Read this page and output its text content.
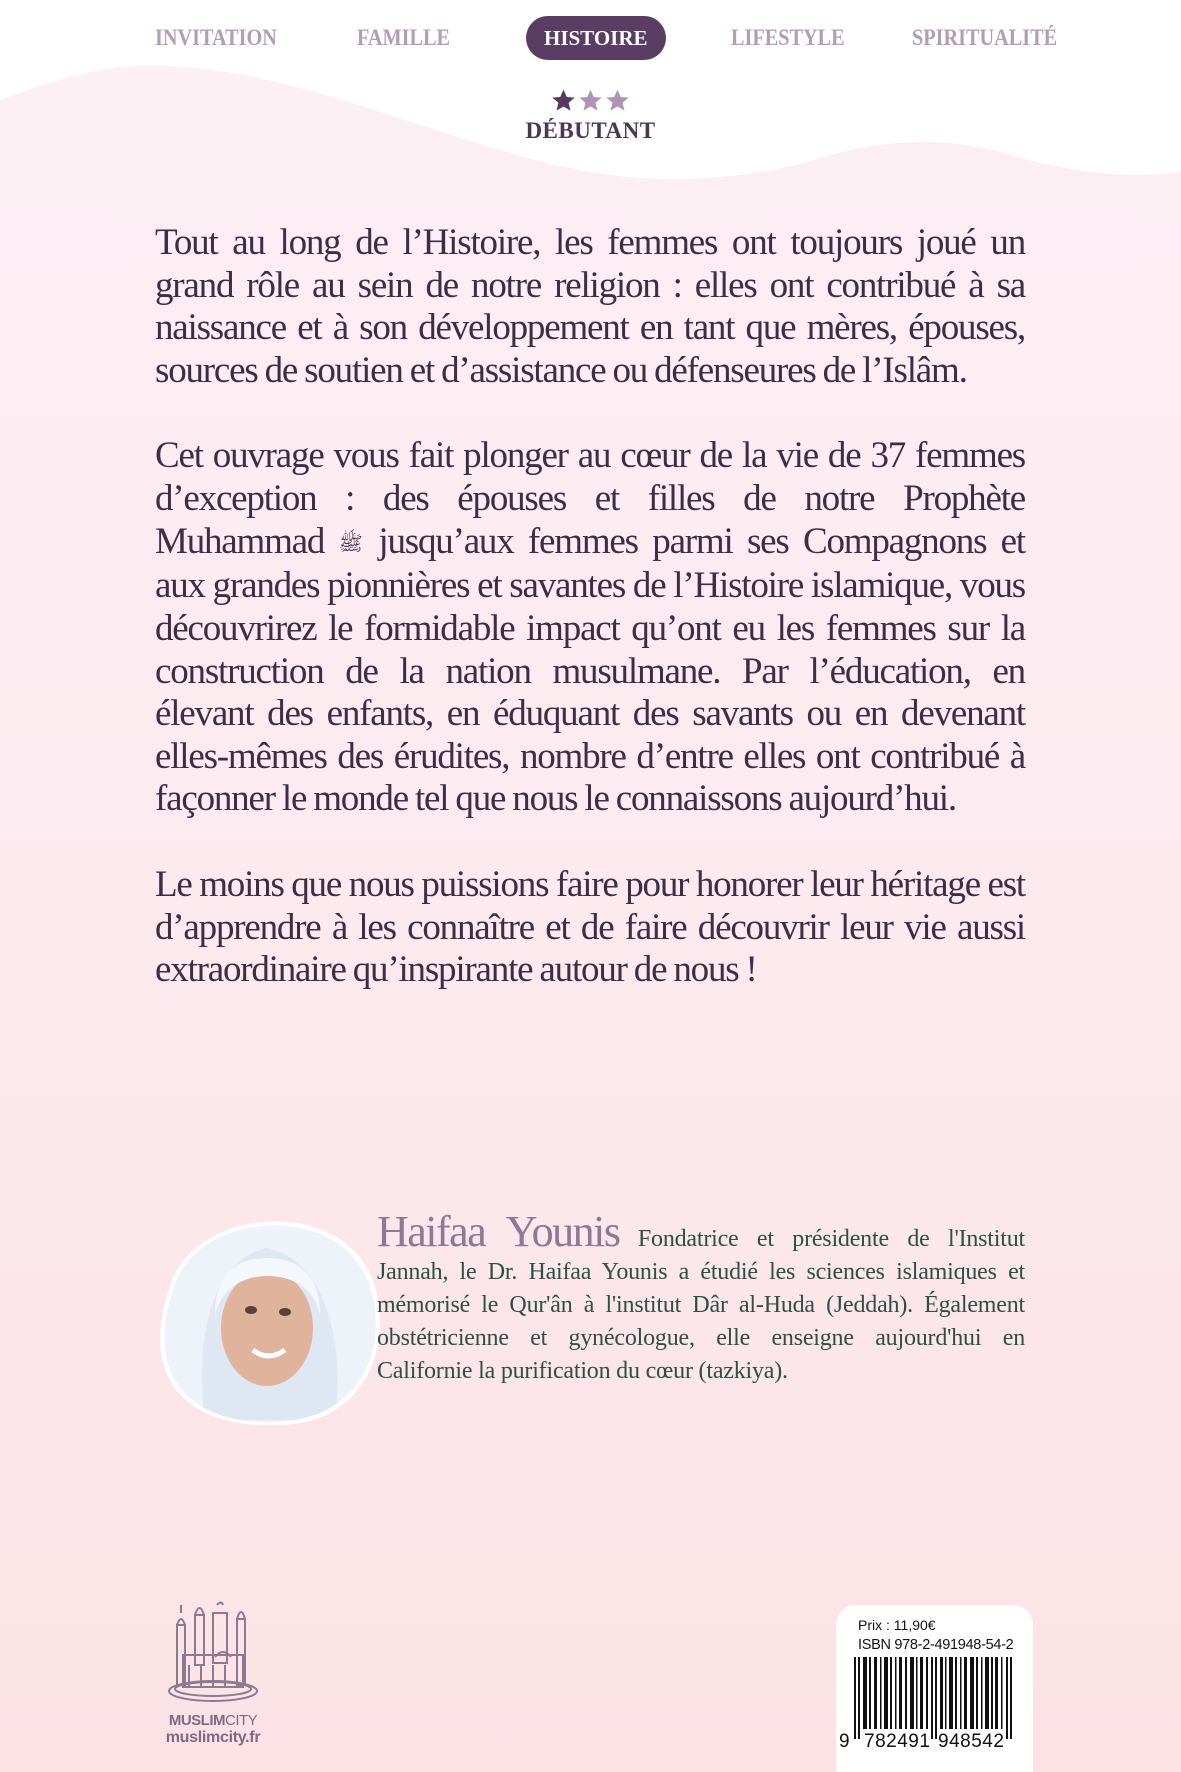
INVITATION	FAMILLE	HISTOIRE	LIFESTYLE	SPIRITUALITÉ
DÉBUTANT

Tout au long de l’Histoire, les femmes ont toujours joué un grand rôle au sein de notre religion : elles ont contribué à sa naissance et à son développement en tant que mères, épouses, sources de soutien et d’assistance ou défenseures de l’Islâm.

Cet ouvrage vous fait plonger au cœur de la vie de 37 femmes d’exception : des épouses et filles de notre Prophète Muhammad ﷺ jusqu’aux femmes parmi ses Compagnons et aux grandes pionnières et savantes de l’Histoire islamique, vous découvrirez le formidable impact qu’ont eu les femmes sur la construction de la nation musulmane. Par l’éducation, en élevant des enfants, en éduquant des savants ou en devenant elles-mêmes des érudites, nombre d’entre elles ont contribué à façonner le monde tel que nous le connaissons aujourd’hui.

Le moins que nous puissions faire pour honorer leur héritage est d’apprendre à les connaître et de faire découvrir leur vie aussi extraordinaire qu’inspirante autour de nous !

Haifaa Younis Fondatrice et présidente de l'Institut Jannah, le Dr. Haifaa Younis a étudié les sciences islamiques et mémorisé le Qur'ân à l'institut Dâr al-Huda (Jeddah). Également obstétricienne et gynécologue, elle enseigne aujourd'hui en Californie la purification du cœur (tazkiya).
MUSLIMCITY
muslimcity.fr
Prix : 11,90€
ISBN 978-2-491948-54-2
9 782491 948542
